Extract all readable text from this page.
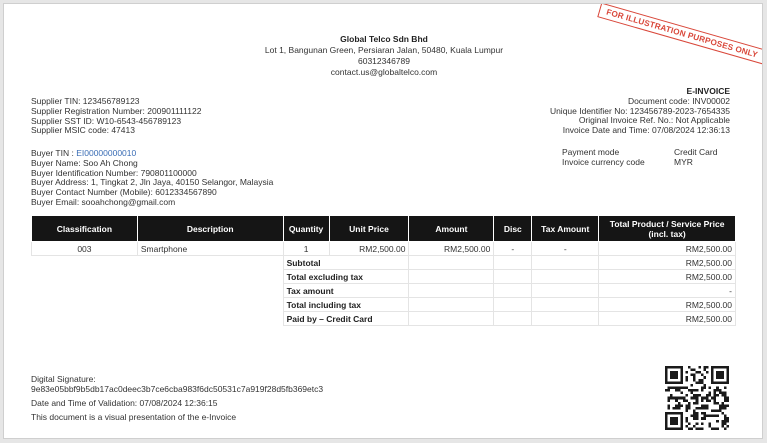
FOR ILLUSTRATION PURPOSES ONLY
Global Telco Sdn Bhd
Lot 1, Bangunan Green, Persiaran Jalan, 50480, Kuala Lumpur
60312346789
contact.us@globaltelco.com
Supplier TIN: 123456789123
Supplier Registration Number: 200901111122
Supplier SST ID: W10-6543-456789123
Supplier MSIC code: 47413
E-INVOICE
Document code: INV00002
Unique Identifier No: 123456789-2023-7654335
Original Invoice Ref. No.: Not Applicable
Invoice Date and Time: 07/08/2024 12:36:13
Buyer TIN : EI00000000010
Buyer Name: Soo Ah Chong
Buyer Identification Number: 790801100000
Buyer Address: 1, Tingkat 2, Jln Jaya, 40150 Selangor, Malaysia
Buyer Contact Number (Mobile): 6012334567890
Buyer Email: sooahchong@gmail.com
Payment mode	Credit Card
Invoice currency code	MYR
Classification	Description	Quantity	Unit Price	Amount	Disc	Tax Amount	Total Product / Service Price (incl. tax)
003	Smartphone	1	RM2,500.00	RM2,500.00	-	-	RM2,500.00
		Subtotal					RM2,500.00
		Total excluding tax					RM2,500.00
		Tax amount					-
		Total including tax					RM2,500.00
		Paid by – Credit Card					RM2,500.00
Digital Signature:
9e83e05bbf9b5db17ac0deec3b7ce6cba983f6dc50531c7a919f28d5fb369etc3
Date and Time of Validation: 07/08/2024 12:36:15
This document is a visual presentation of the e-Invoice
